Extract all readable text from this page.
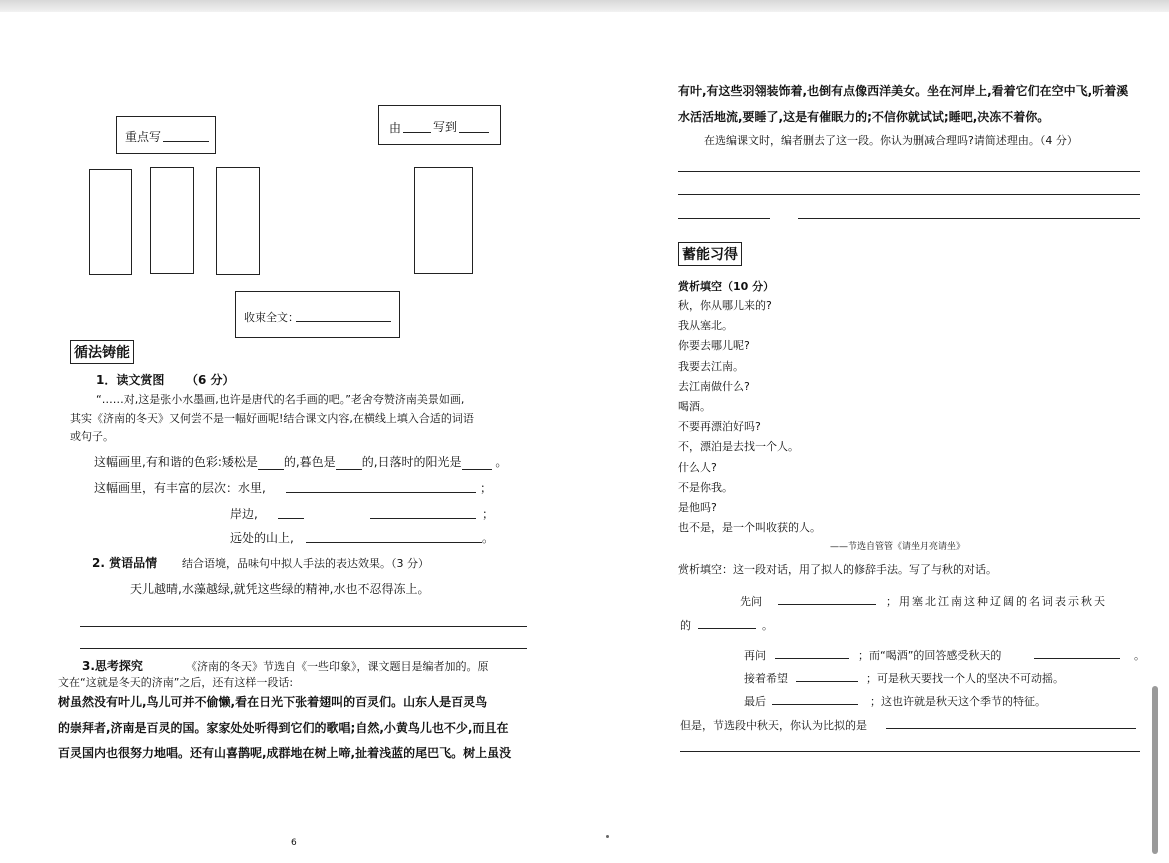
重点写
由	写到
收束全文：
循法铸能
1．读文赏图 （6 分）
“……对,这是张小水墨画,也许是唐代的名手画的吧。”老舍夸赞济南美景如画,
其实《济南的冬天》又何尝不是一幅好画呢!结合课文内容,在横线上填入合适的词语
或句子。
这幅画里,有和谐的色彩:矮松是 的,暮色是 的,日落时的阳光是	。
这幅画里，有丰富的层次：水里,	；
岸边,	；
远处的山上,	。
2. 赏语品情 结合语境，品味句中拟人手法的表达效果。（3 分）
天儿越晴,水藻越绿,就凭这些绿的精神,水也不忍得冻上。
3.思考探究	《济南的冬天》节选自《一些印象》，课文题目是编者加的。原
文在“这就是冬天的济南”之后，还有这样一段话:
树虽然没有叶儿,鸟儿可并不偷懒,看在日光下张着翅叫的百灵们。山东人是百灵鸟
的崇拜者,济南是百灵的国。家家处处听得到它们的歌唱;自然,小黄鸟儿也不少,而且在
百灵国内也很努力地唱。还有山喜鹊呢,成群地在树上啼,扯着浅蓝的尾巴飞。树上虽没
6
有叶,有这些羽翎装饰着,也倒有点像西洋美女。坐在河岸上,看着它们在空中飞,听着溪
水活活地流,要睡了,这是有催眠力的;不信你就试试;睡吧,决冻不着你。
在选编课文时，编者删去了这一段。你认为删减合理吗?请简述理由。（4 分）
蓄能习得
赏析填空（10 分）
秋，你从哪儿来的?
我从塞北。
你要去哪儿呢?
我要去江南。
去江南做什么?
喝酒。
不要再漂泊好吗?
不，漂泊是去找一个人。
什么人?
不是你我。
是他吗?
也不是，是一个叫收获的人。
——节选自管管《请坐月亮请坐》
赏析填空：这一段对话，用了拟人的修辞手法。写了与秋的对话。
先问	；用塞北江南这种辽阔的名词表示秋天
的	。
再问	；而“喝酒”的回答感受秋天的	。
接着希望	；可是秋天要找一个人的坚决不可动摇。
最后	；这也许就是秋天这个季节的特征。
但是，节选段中秋天，你认为比拟的是
